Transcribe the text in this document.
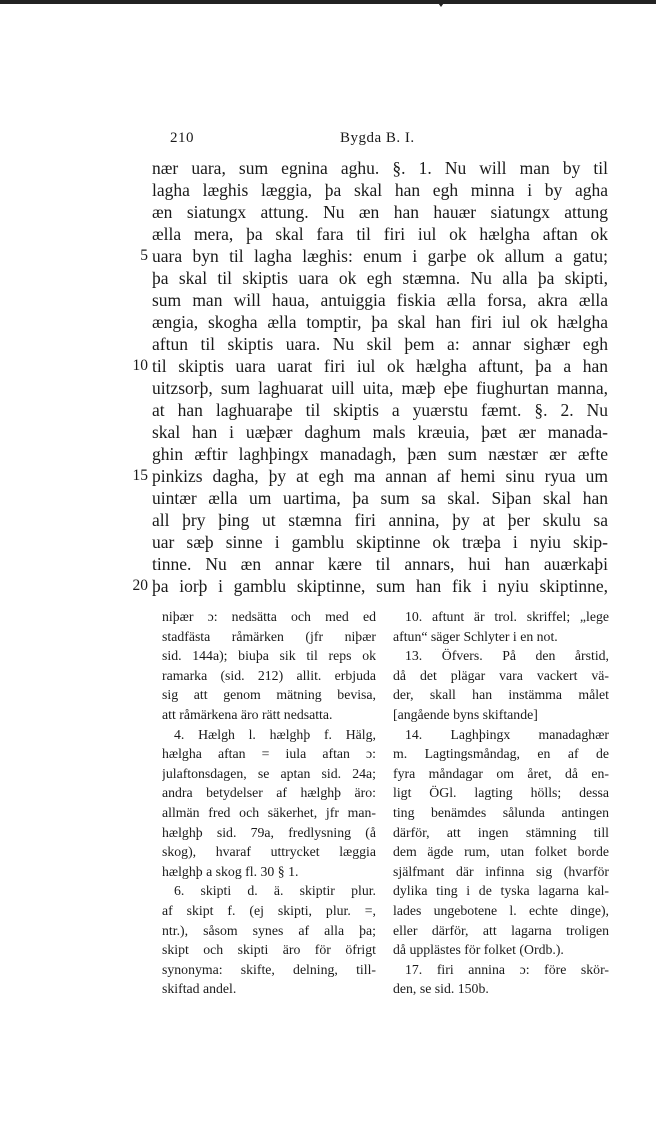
210	Bygda B. I.
nær uara, sum egnina aghu. §. 1. Nu will man by til
lagha læghis læggia, þa skal han egh minna i by agha
æn siatungx attung. Nu æn han hauær siatungx attung
ælla mera, þa skal fara til firi iul ok hælgha aftan ok
5 uara byn til lagha læghis: enum i garþe ok allum a gatu;
þa skal til skiptis uara ok egh stæmna. Nu alla þa skipti,
sum man will haua, antuiggia fiskia ælla forsa, akra ælla
ængia, skogha ælla tomptir, þa skal han firi iul ok hælgha
aftun til skiptis uara. Nu skil þem a: annar sighær egh
10 til skiptis uara uarat firi iul ok hælgha aftunt, þa a han
uitzsorþ, sum laghuarat uill uita, mæþ eþe fiughurtan manna,
at han laghuaraþe til skiptis a yuærstu fæmt. §. 2. Nu
skal han i uæþær daghum mals kræuia, þæt ær manada-
ghin æftir laghþingx manadagh, þæn sum næstær ær æfte
15 pinkizs dagha, þy at egh ma annan af hemi sinu ryua um
uintær ælla um uartima, þa sum sa skal. Siþan skal han
all þry þing ut stæmna firi annina, þy at þer skulu sa
uar sæþ sinne i gamblu skiptinne ok træþa i nyiu skip-
tinne. Nu æn annar kære til annars, hui han auærkaþi
20 þa iorþ i gamblu skiptinne, sum han fik i nyiu skiptinne,
niþær ɔ: nedsätta och med ed
stadfästa råmärken (jfr niþær
sid. 144a); biuþa sik til reps ok
ramarka (sid. 212) allit. erbjuda
sig att genom mätning bevisa,
att råmärkena äro rätt nedsatta.
4. Hælgh l. hælghþ f. Hälg,
hælgha aftan = iula aftan ɔ:
julaftonsdagen, se aptan sid. 24a;
andra betydelser af hælghþ äro:
allmän fred och säkerhet, jfr man-
hælghþ sid. 79a, fredlysning (å
skog), hvaraf uttrycket læggia
hælghþ a skog fl. 30 § 1.
6. skipti d. ä. skiptir plur.
af skipt f. (ej skipti, plur. =,
ntr.), såsom synes af alla þa;
skipt och skipti äro för öfrigt
synonyma: skifte, delning, till-
skiftad andel.
10. aftunt är trol. skriffel; „lege
aftun“ säger Schlyter i en not.
13. Öfvers. På den årstid,
då det plägar vara vackert vä-
der, skall han instämma målet
[angående byns skiftande]
14. Laghþingx manadaghær
m. Lagtingsmåndag, en af de
fyra måndagar om året, då en-
ligt ÖGl. lagting hölls; dessa
ting benämdes sålunda antingen
därför, att ingen stämning till
dem ägde rum, utan folket borde
själfmant där infinna sig (hvarför
dylika ting i de tyska lagarna kal-
lades ungebotene l. echte dinge),
eller därför, att lagarna troligen
då upplästes för folket (Ordb.).
17. firi annina ɔ: före skör-
den, se sid. 150b.
